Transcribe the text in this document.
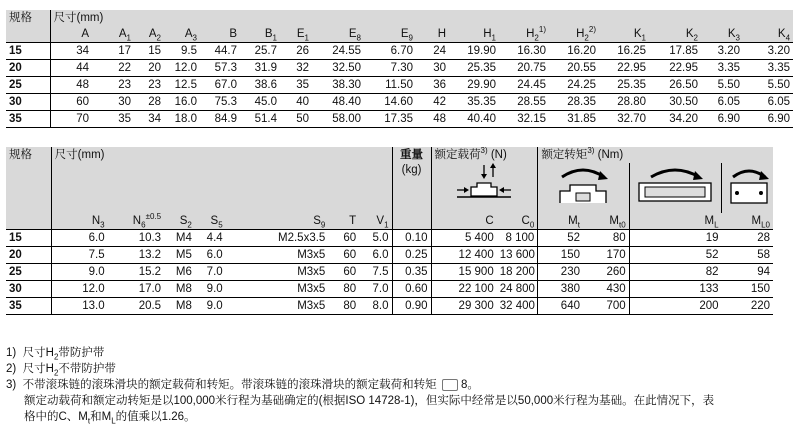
规格	尺寸(mm)																
	A	$A_1$	$A_2$	$A_3$	B	$B_1$	$E_1$	$E_8$	$E_9$	H	$H_1$	$H_2^{1)}$	$H_2^{2)}$	$K_1$	$K_2$	$K_3$	$K_4$
15	34	17	15	9.5	44.7	25.7	26	24.55	6.70	24	19.90	16.30	16.20	16.25	17.85	3.20	3.20
20	44	22	20	12.0	57.3	31.9	32	32.50	7.30	30	25.35	20.75	20.55	22.95	22.95	3.35	3.35
25	48	23	23	12.5	67.0	38.6	35	38.30	11.50	36	29.90	24.45	24.25	25.35	26.50	5.50	5.50
30	60	30	28	16.0	75.3	45.0	40	48.40	14.60	42	35.35	28.55	28.35	28.80	30.50	6.05	6.05
35	70	35	34	18.0	84.9	51.4	50	58.00	17.35	48	40.40	32.15	31.85	32.70	34.20	6.90	6.90
规格	尺寸(mm)							重量	额定载荷$^{3)}$ (N)		额定转矩$^{3)}$ (Nm)			
								(kg)				
	$N_3$	$N_6^{\pm 0.5}$	$S_2$	$S_5$	$S_9$	T	$V_1$		C	$C_0$	$M_t$	$M_{t0}$	$M_L$	$M_{L0}$
15	6.0	10.3	M4	4.4	M2.5x3.5	60	5.0	0.10	5 400	8 100	52	80	19	28
20	7.5	13.2	M5	6.0	M3x5	60	6.0	0.25	12 400	13 600	150	170	52	58
25	9.0	15.2	M6	7.0	M3x5	60	7.5	0.35	15 900	18 200	230	260	82	94
30	12.0	17.0	M8	9.0	M3x5	80	7.0	0.60	22 100	24 800	380	430	133	150
35	13.0	20.5	M8	9.0	M3x5	80	8.0	0.90	29 300	32 400	640	700	200	220
1) 尺寸$H_2$带防护带
2) 尺寸$H_2$不带防护带
3) 不带滚珠链的滚珠滑块的额定载荷和转矩。带滚珠链的滚珠滑块的额定载荷和转矩  8。
额定动载荷和额定动转矩是以100,000米行程为基础确定的(根据ISO 14728-1)，但实际中经常是以50,000米行程为基础。在此情况下，表
格中的C、$M_t$和$M_L$的值乘以1.26。
